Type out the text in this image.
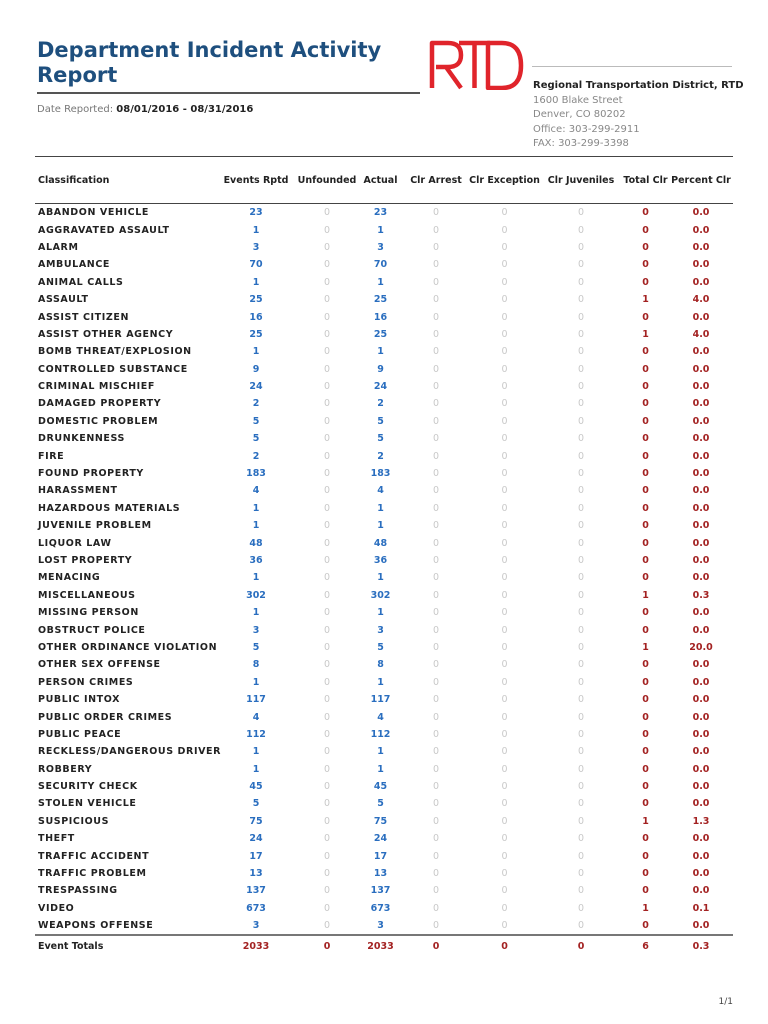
Department Incident Activity Report
Date Reported: 08/01/2016 - 08/31/2016
Regional Transportation District, RTD
1600 Blake Street
Denver, CO 80202
Office: 303-299-2911
FAX: 303-299-3398
Classification	Events Rptd	Unfounded	Actual	Clr Arrest	Clr Exception	Clr Juveniles	Total Clr	Percent Clr
ABANDON VEHICLE	23	0	23	0	0	0	0	0.0
AGGRAVATED ASSAULT	1	0	1	0	0	0	0	0.0
ALARM	3	0	3	0	0	0	0	0.0
AMBULANCE	70	0	70	0	0	0	0	0.0
ANIMAL CALLS	1	0	1	0	0	0	0	0.0
ASSAULT	25	0	25	0	0	0	1	4.0
ASSIST CITIZEN	16	0	16	0	0	0	0	0.0
ASSIST OTHER AGENCY	25	0	25	0	0	0	1	4.0
BOMB THREAT/EXPLOSION	1	0	1	0	0	0	0	0.0
CONTROLLED SUBSTANCE	9	0	9	0	0	0	0	0.0
CRIMINAL MISCHIEF	24	0	24	0	0	0	0	0.0
DAMAGED PROPERTY	2	0	2	0	0	0	0	0.0
DOMESTIC PROBLEM	5	0	5	0	0	0	0	0.0
DRUNKENNESS	5	0	5	0	0	0	0	0.0
FIRE	2	0	2	0	0	0	0	0.0
FOUND PROPERTY	183	0	183	0	0	0	0	0.0
HARASSMENT	4	0	4	0	0	0	0	0.0
HAZARDOUS MATERIALS	1	0	1	0	0	0	0	0.0
JUVENILE PROBLEM	1	0	1	0	0	0	0	0.0
LIQUOR LAW	48	0	48	0	0	0	0	0.0
LOST PROPERTY	36	0	36	0	0	0	0	0.0
MENACING	1	0	1	0	0	0	0	0.0
MISCELLANEOUS	302	0	302	0	0	0	1	0.3
MISSING PERSON	1	0	1	0	0	0	0	0.0
OBSTRUCT POLICE	3	0	3	0	0	0	0	0.0
OTHER ORDINANCE VIOLATION	5	0	5	0	0	0	1	20.0
OTHER SEX OFFENSE	8	0	8	0	0	0	0	0.0
PERSON CRIMES	1	0	1	0	0	0	0	0.0
PUBLIC INTOX	117	0	117	0	0	0	0	0.0
PUBLIC ORDER CRIMES	4	0	4	0	0	0	0	0.0
PUBLIC PEACE	112	0	112	0	0	0	0	0.0
RECKLESS/DANGEROUS DRIVER	1	0	1	0	0	0	0	0.0
ROBBERY	1	0	1	0	0	0	0	0.0
SECURITY CHECK	45	0	45	0	0	0	0	0.0
STOLEN VEHICLE	5	0	5	0	0	0	0	0.0
SUSPICIOUS	75	0	75	0	0	0	1	1.3
THEFT	24	0	24	0	0	0	0	0.0
TRAFFIC ACCIDENT	17	0	17	0	0	0	0	0.0
TRAFFIC PROBLEM	13	0	13	0	0	0	0	0.0
TRESPASSING	137	0	137	0	0	0	0	0.0
VIDEO	673	0	673	0	0	0	1	0.1
WEAPONS OFFENSE	3	0	3	0	0	0	0	0.0
Event Totals	2033	0	2033	0	0	0	6	0.3
1/1
